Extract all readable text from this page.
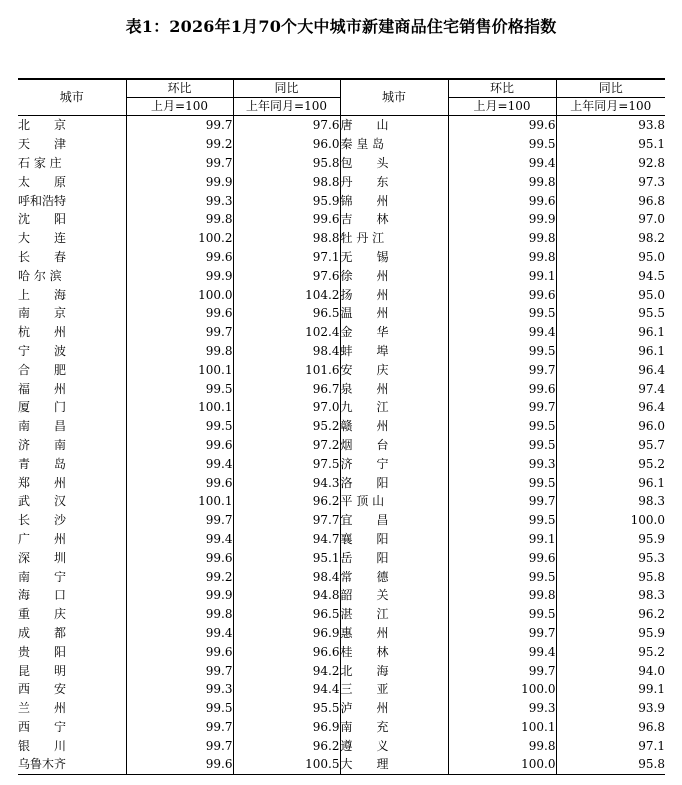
表1：2026年1月70个大中城市新建商品住宅销售价格指数
城市	环比	同比	城市	环比	同比
	上月=100	上年同月=100		上月=100	上年同月=100
北　　京	99.7	97.6	唐　　山	99.6	93.8
天　　津	99.2	96.0	秦 皇 岛	99.5	95.1
石 家 庄	99.7	95.8	包　　头	99.4	92.8
太　　原	99.9	98.8	丹　　东	99.8	97.3
呼和浩特	99.3	95.9	锦　　州	99.6	96.8
沈　　阳	99.8	99.6	吉　　林	99.9	97.0
大　　连	100.2	98.8	牡 丹 江	99.8	98.2
长　　春	99.6	97.1	无　　锡	99.8	95.0
哈 尔 滨	99.9	97.6	徐　　州	99.1	94.5
上　　海	100.0	104.2	扬　　州	99.6	95.0
南　　京	99.6	96.5	温　　州	99.5	95.5
杭　　州	99.7	102.4	金　　华	99.4	96.1
宁　　波	99.8	98.4	蚌　　埠	99.5	96.1
合　　肥	100.1	101.6	安　　庆	99.7	96.4
福　　州	99.5	96.7	泉　　州	99.6	97.4
厦　　门	100.1	97.0	九　　江	99.7	96.4
南　　昌	99.5	95.2	赣　　州	99.5	96.0
济　　南	99.6	97.2	烟　　台	99.5	95.7
青　　岛	99.4	97.5	济　　宁	99.3	95.2
郑　　州	99.6	94.3	洛　　阳	99.5	96.1
武　　汉	100.1	96.2	平 顶 山	99.7	98.3
长　　沙	99.7	97.7	宜　　昌	99.5	100.0
广　　州	99.4	94.7	襄　　阳	99.1	95.9
深　　圳	99.6	95.1	岳　　阳	99.6	95.3
南　　宁	99.2	98.4	常　　德	99.5	95.8
海　　口	99.9	94.8	韶　　关	99.8	98.3
重　　庆	99.8	96.5	湛　　江	99.5	96.2
成　　都	99.4	96.9	惠　　州	99.7	95.9
贵　　阳	99.6	96.6	桂　　林	99.4	95.2
昆　　明	99.7	94.2	北　　海	99.7	94.0
西　　安	99.3	94.4	三　　亚	100.0	99.1
兰　　州	99.5	95.5	泸　　州	99.3	93.9
西　　宁	99.7	96.9	南　　充	100.1	96.8
银　　川	99.7	96.2	遵　　义	99.8	97.1
乌鲁木齐	99.6	100.5	大　　理	100.0	95.8
